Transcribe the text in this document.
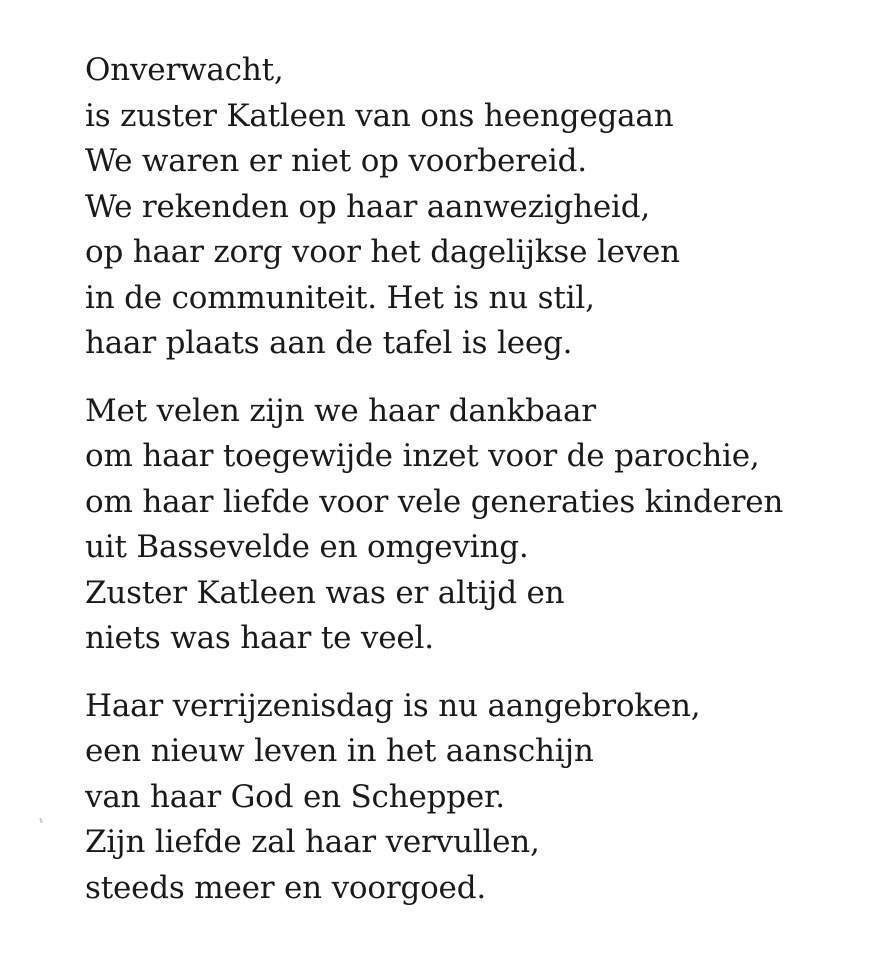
Onverwacht,
is zuster Katleen van ons heengegaan
We waren er niet op voorbereid.
We rekenden op haar aanwezigheid,
op haar zorg voor het dagelijkse leven
in de communiteit. Het is nu stil,
haar plaats aan de tafel is leeg.
Met velen zijn we haar dankbaar
om haar toegewijde inzet voor de parochie,
om haar liefde voor vele generaties kinderen
uit Bassevelde en omgeving.
Zuster Katleen was er altijd en
niets was haar te veel.
Haar verrijzenisdag is nu aangebroken,
een nieuw leven in het aanschijn
van haar God en Schepper.
Zijn liefde zal haar vervullen,
steeds meer en voorgoed.
